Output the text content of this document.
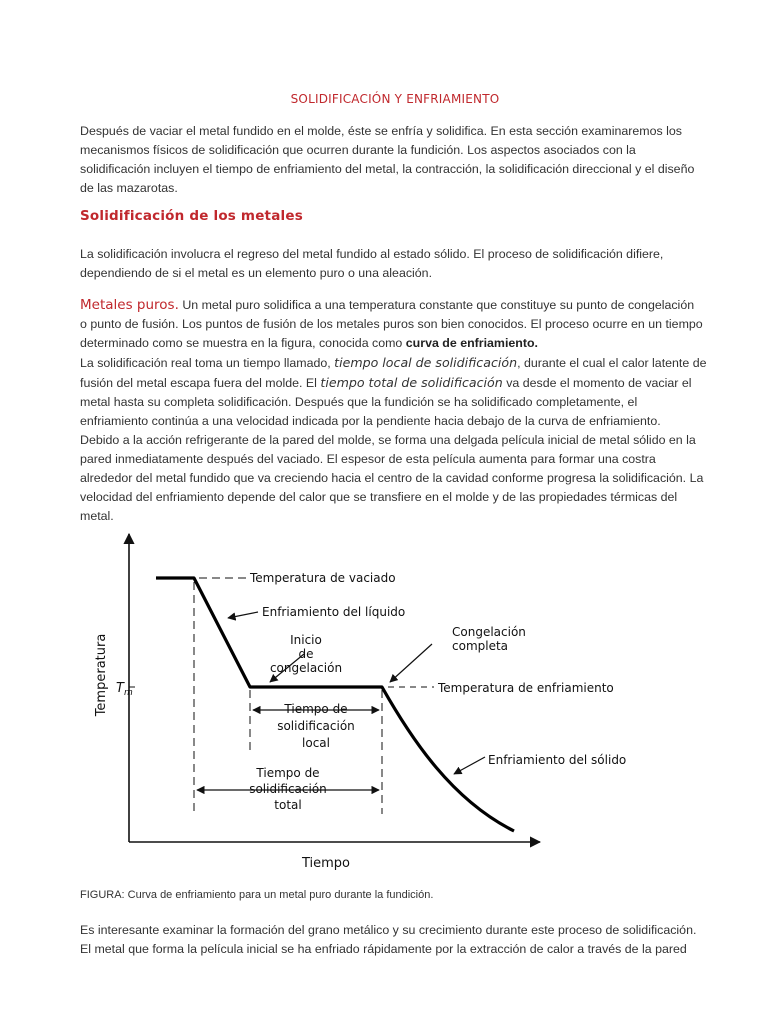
SOLIDIFICACIÓN Y ENFRIAMIENTO

Después de vaciar el metal fundido en el molde, éste se enfría y solidifica. En esta sección examinaremos los
mecanismos físicos de solidificación que ocurren durante la fundición. Los aspectos asociados con la
solidificación incluyen el tiempo de enfriamiento del metal, la contracción, la solidificación direccional y el diseño
de las mazarotas.

Solidificación de los metales

La solidificación involucra el regreso del metal fundido al estado sólido. El proceso de solidificación difiere,
dependiendo de si el metal es un elemento puro o una aleación.

Metales puros. Un metal puro solidifica a una temperatura constante que constituye su punto de congelación
o punto de fusión. Los puntos de fusión de los metales puros son bien conocidos. El proceso ocurre en un tiempo
determinado como se muestra en la figura, conocida como curva de enfriamiento.
La solidificación real toma un tiempo llamado, tiempo local de solidificación, durante el cual el calor latente de
fusión del metal escapa fuera del molde. El tiempo total de solidificación va desde el momento de vaciar el
metal hasta su completa solidificación. Después que la fundición se ha solidificado completamente, el
enfriamiento continúa a una velocidad indicada por la pendiente hacia debajo de la curva de enfriamiento.
Debido a la acción refrigerante de la pared del molde, se forma una delgada película inicial de metal sólido en la
pared inmediatamente después del vaciado. El espesor de esta película aumenta para formar una costra
alrededor del metal fundido que va creciendo hacia el centro de la cavidad conforme progresa la solidificación. La
velocidad del enfriamiento depende del calor que se transfiere en el molde y de las propiedades térmicas del
metal.

Temperatura
Tiempo
$T_m$
Temperatura de vaciado
Enfriamiento del líquido
Inicio
de
congelación
Congelación
completa
Temperatura de enfriamiento
Tiempo de
solidificación
local
Enfriamiento del sólido
Tiempo de
solidificación
total

FIGURA: Curva de enfriamiento para un metal puro durante la fundición.

Es interesante examinar la formación del grano metálico y su crecimiento durante este proceso de solidificación.
El metal que forma la película inicial se ha enfriado rápidamente por la extracción de calor a través de la pared
